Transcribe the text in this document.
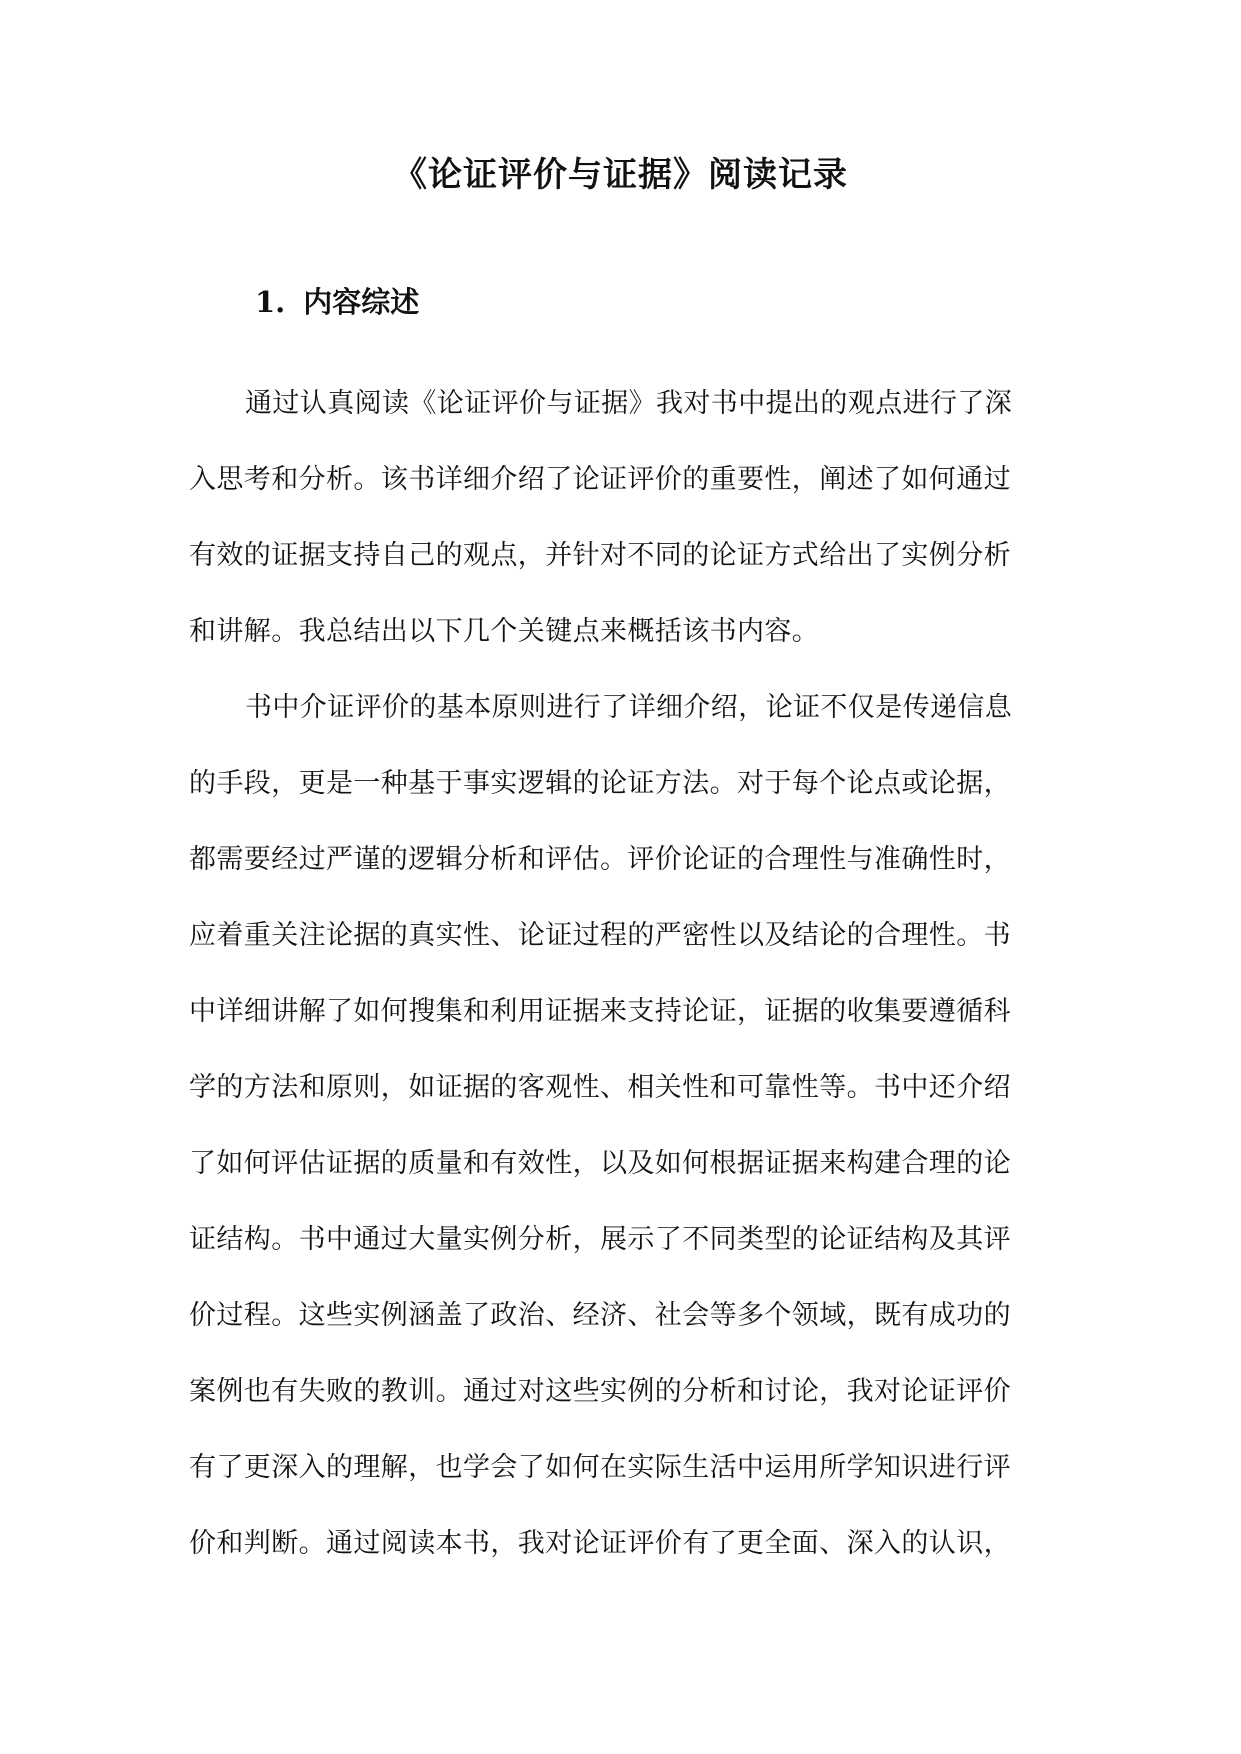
《论证评价与证据》阅读记录
1. 内容综述
通过认真阅读《论证评价与证据》我对书中提出的观点进行了深
入思考和分析。该书详细介绍了论证评价的重要性，阐述了如何通过
有效的证据支持自己的观点，并针对不同的论证方式给出了实例分析
和讲解。我总结出以下几个关键点来概括该书内容。
书中介证评价的基本原则进行了详细介绍，论证不仅是传递信息
的手段，更是一种基于事实逻辑的论证方法。对于每个论点或论据，
都需要经过严谨的逻辑分析和评估。评价论证的合理性与准确性时，
应着重关注论据的真实性、论证过程的严密性以及结论的合理性。书
中详细讲解了如何搜集和利用证据来支持论证，证据的收集要遵循科
学的方法和原则，如证据的客观性、相关性和可靠性等。书中还介绍
了如何评估证据的质量和有效性，以及如何根据证据来构建合理的论
证结构。书中通过大量实例分析，展示了不同类型的论证结构及其评
价过程。这些实例涵盖了政治、经济、社会等多个领域，既有成功的
案例也有失败的教训。通过对这些实例的分析和讨论，我对论证评价
有了更深入的理解，也学会了如何在实际生活中运用所学知识进行评
价和判断。通过阅读本书，我对论证评价有了更全面、深入的认识，
